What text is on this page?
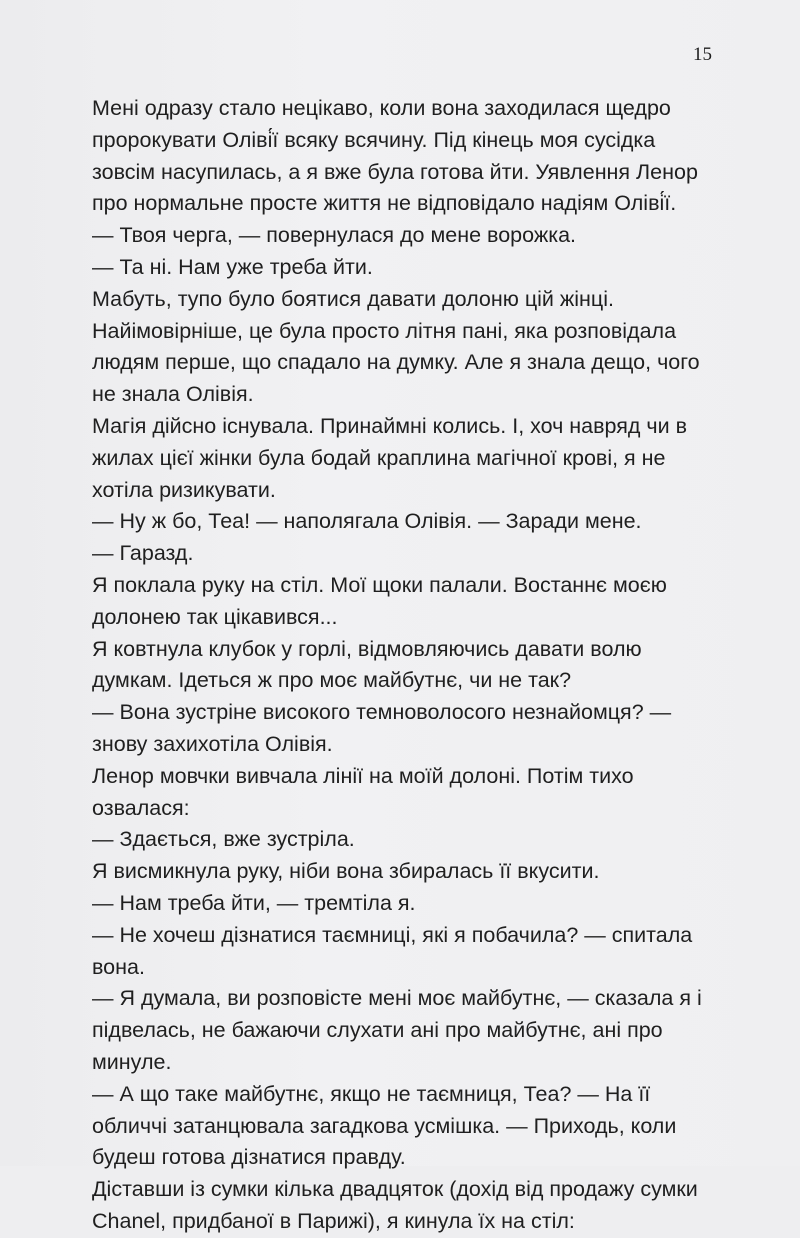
15

Мені одразу стало нецікаво, коли вона заходилася щедро пророкувати Оліві́ї всяку всячину. Під кінець моя сусідка зовсім насупилась, а я вже була готова йти. Уявлення Ленор про нормальне просте життя не відповідало надіям Оліві́ї.

— Твоя черга, — повернулася до мене ворожка.

— Та ні. Нам уже треба йти.

Мабуть, тупо було боятися давати долоню цій жінці. Найімовірніше, це була просто літня пані, яка розповідала людям перше, що спадало на думку. Але я знала дещо, чого не знала Олівія.

Магія дійсно існувала. Принаймні колись. І, хоч навряд чи в жилах цієї жінки була бодай краплина магічної крові, я не хотіла ризикувати.

— Ну ж бо, Теа! — наполягала Олівія. — Заради мене.

— Гаразд.

Я поклала руку на стіл. Мої щоки палали. Востаннє моєю долонею так цікавився...

Я ковтнула клубок у горлі, відмовляючись давати волю думкам. Ідеться ж про моє майбутнє, чи не так?

— Вона зустріне високого темноволосого незнайомця? — знову захихотіла Олівія.

Ленор мовчки вивчала лінії на моїй долоні. Потім тихо озвалася:

— Здається, вже зустріла.

Я висмикнула руку, ніби вона збиралась її вкусити.

— Нам треба йти, — тремтіла я.

— Не хочеш дізнатися таємниці, які я побачила? — спитала вона.

— Я думала, ви розповісте мені моє майбутнє, — сказала я і підвелась, не бажаючи слухати ані про майбутнє, ані про минуле.

— А що таке майбутнє, якщо не таємниця, Теа? — На її обличчі затанцювала загадкова усмішка. — Приходь, коли будеш готова дізнатися правду.

Діставши із сумки кілька двадцяток (дохід від продажу сумки Chanel, придбаної в Парижі), я кинула їх на стіл:
